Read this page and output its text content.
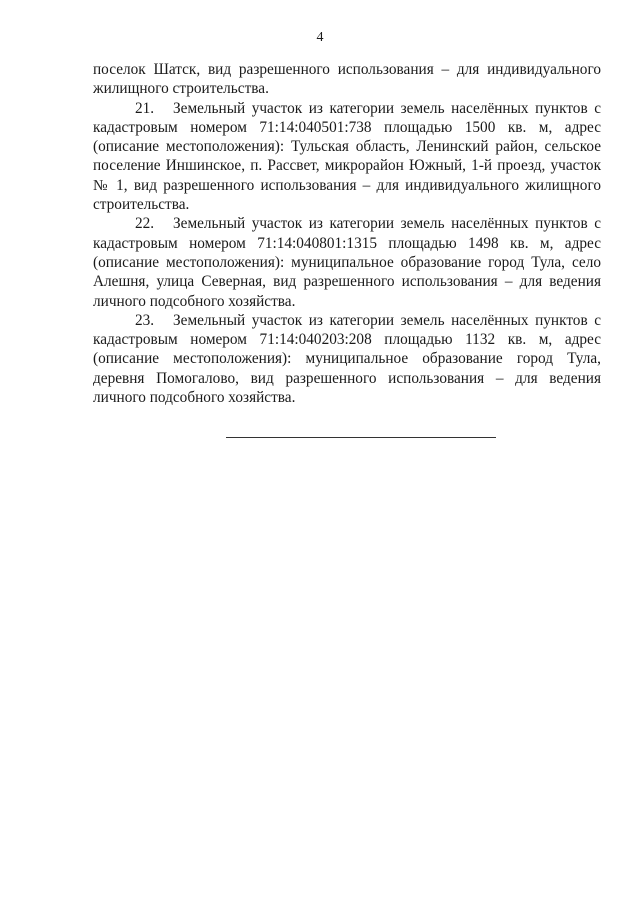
4

поселок Шатск, вид разрешенного использования – для индивидуального жилищного строительства.

21. Земельный участок из категории земель населённых пунктов с кадастровым номером 71:14:040501:738 площадью 1500 кв. м, адрес (описание местоположения): Тульская область, Ленинский район, сельское поселение Иншинское, п. Рассвет, микрорайон Южный, 1-й проезд, участок № 1, вид разрешенного использования – для индивидуального жилищного строительства.

22. Земельный участок из категории земель населённых пунктов с кадастровым номером 71:14:040801:1315 площадью 1498 кв. м, адрес (описание местоположения): муниципальное образование город Тула, село Алешня, улица Северная, вид разрешенного использования – для ведения личного подсобного хозяйства.

23. Земельный участок из категории земель населённых пунктов с кадастровым номером 71:14:040203:208 площадью 1132 кв. м, адрес (описание местоположения): муниципальное образование город Тула, деревня Помогалово, вид разрешенного использования – для ведения личного подсобного хозяйства.
